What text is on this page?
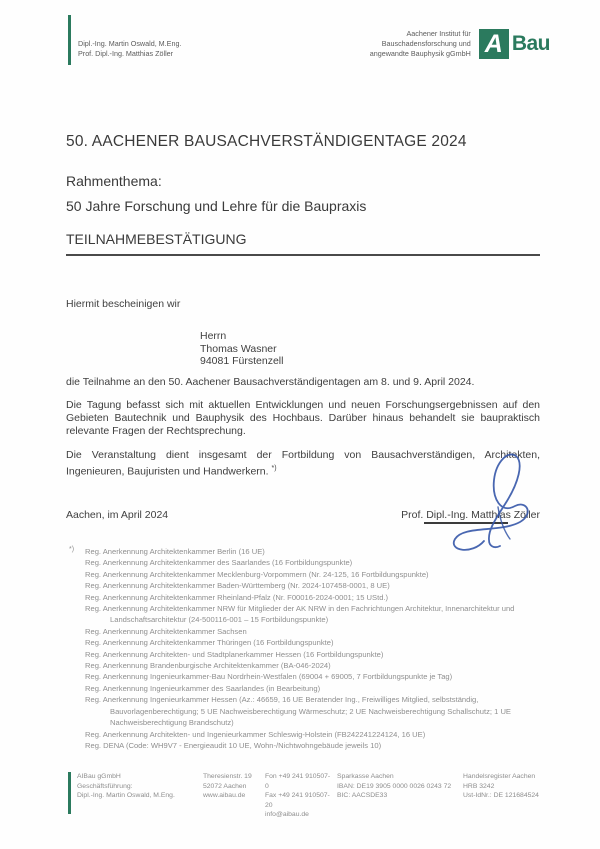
Dipl.-Ing. Martin Oswald, M.Eng.
Prof. Dipl.-Ing. Matthias Zöller
Aachener Institut für
Bauschadensforschung und
angewandte Bauphysik gGmbH A Bau
50. AACHENER BAUSACHVERSTÄNDIGENTAGE 2024
Rahmenthema:
50 Jahre Forschung und Lehre für die Baupraxis
TEILNAHMEBESTÄTIGUNG
Hiermit bescheinigen wir
Herrn
Thomas Wasner
94081 Fürstenzell
die Teilnahme an den 50. Aachener Bausachverständigentagen am 8. und 9. April 2024.
Die Tagung befasst sich mit aktuellen Entwicklungen und neuen Forschungsergebnissen auf den Gebieten Bautechnik und Bauphysik des Hochbaus. Darüber hinaus behandelt sie baupraktisch relevante Fragen der Rechtsprechung.
Die Veranstaltung dient insgesamt der Fortbildung von Bausachverständigen, Architekten, Ingenieuren, Baujuristen und Handwerkern. *)
Aachen, im April 2024	Prof. Dipl.-Ing. Matthias Zöller
*) Reg. Anerkennung Architektenkammer Berlin (16 UE)
Reg. Anerkennung Architektenkammer des Saarlandes (16 Fortbildungspunkte)
Reg. Anerkennung Architektenkammer Mecklenburg-Vorpommern (Nr. 24-125, 16 Fortbildungspunkte)
Reg. Anerkennung Architektenkammer Baden-Württemberg (Nr. 2024-107458-0001, 8 UE)
Reg. Anerkennung Architektenkammer Rheinland-Pfalz (Nr. F00016-2024-0001; 15 UStd.)
Reg. Anerkennung Architektenkammer NRW für Mitglieder der AK NRW in den Fachrichtungen Architektur, Innenarchitektur und Landschaftsarchitektur (24-500116-001 – 15 Fortbildungspunkte)
Reg. Anerkennung Architektenkammer Sachsen
Reg. Anerkennung Architektenkammer Thüringen (16 Fortbildungspunkte)
Reg. Anerkennung Architekten- und Stadtplanerkammer Hessen (16 Fortbildungspunkte)
Reg. Anerkennung Brandenburgische Architektenkammer (BA-046-2024)
Reg. Anerkennung Ingenieurkammer-Bau Nordrhein-Westfalen (69004 + 69005, 7 Fortbildungspunkte je Tag)
Reg. Anerkennung Ingenieurkammer des Saarlandes (in Bearbeitung)
Reg. Anerkennung Ingenieurkammer Hessen (Az.: 46659, 16 UE Beratender Ing., Freiwilliges Mitglied, selbstständig, Bauvorlagenberechtigung; 5 UE Nachweisberechtigung Wärmeschutz; 2 UE Nachweisberechtigung Schallschutz; 1 UE Nachweisberechtigung Brandschutz)
Reg. Anerkennung Architekten- und Ingenieurkammer Schleswig-Holstein (FB242241224124, 16 UE)
Reg. DENA (Code: WH9V7 - Energieaudit 10 UE, Wohn-/Nichtwohngebäude jeweils 10)
AIBau gGmbH
Geschäftsführung:
Dipl.-Ing. Martin Oswald, M.Eng.
Theresienstr. 19
52072 Aachen
www.aibau.de
Fon +49 241 910507-0
Fax +49 241 910507-20
info@aibau.de
Sparkasse Aachen
IBAN: DE19 3905 0000 0026 0243 72
BIC: AACSDE33
Handelsregister Aachen
HRB 3242
Ust-IdNr.: DE 121684524
